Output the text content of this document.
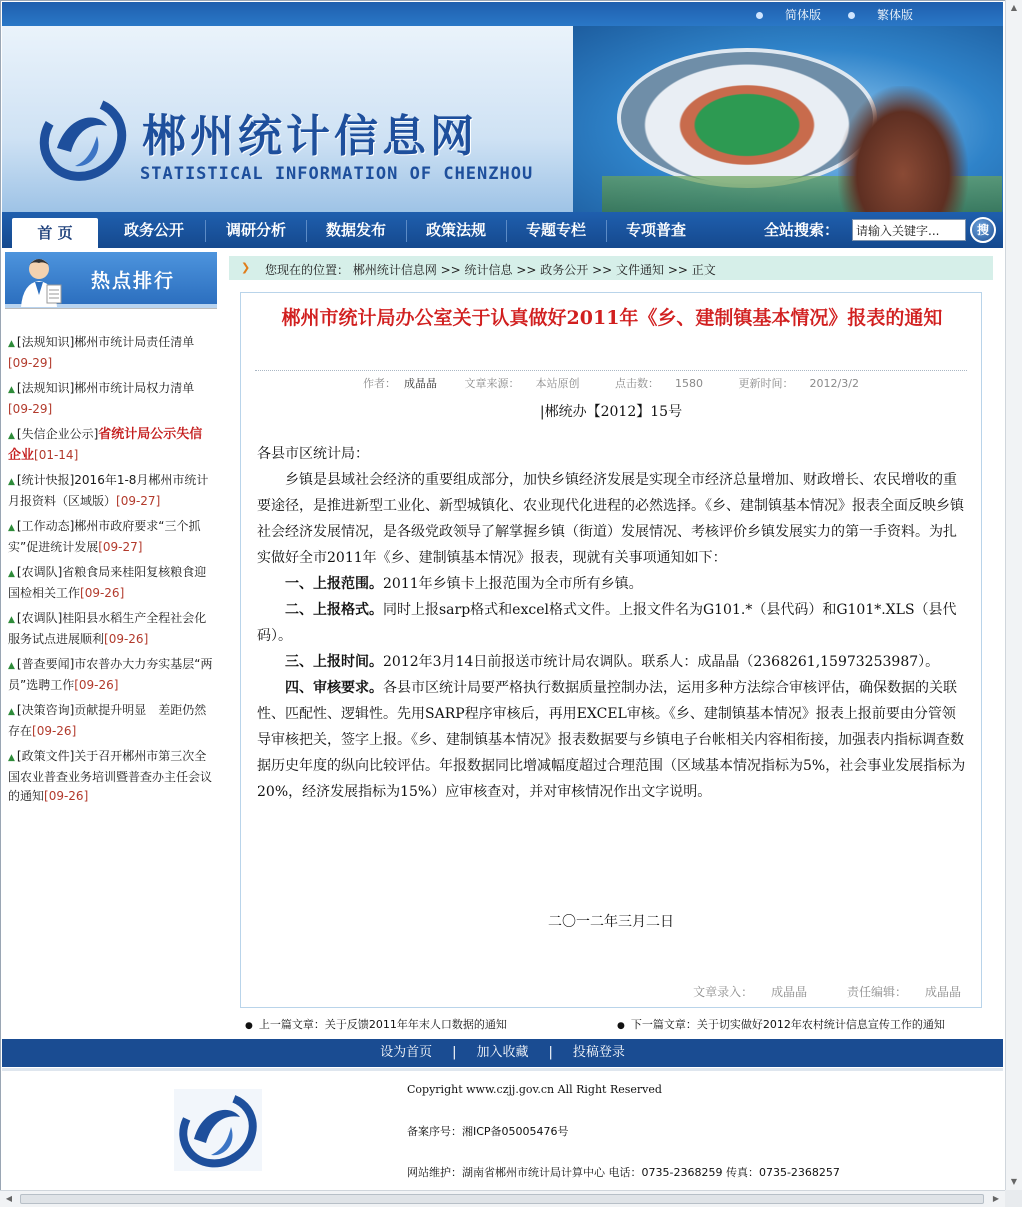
简体版	繁体版
郴州统计信息网
STATISTICAL INFORMATION OF CHENZHOU
首 页	政务公开	调研分析	数据发布	政策法规	专题专栏	专项普查	全站搜索：
请输入关键字...	搜
热点排行
▲ [法规知识]郴州市统计局责任清单
[09-29]
▲ [法规知识]郴州市统计局权力清单
[09-29]
▲ [失信企业公示]省统计局公示失信企业[01-14]
▲ [统计快报]2016年1-8月郴州市统计月报资料（区域版）[09-27]
▲ [工作动态]郴州市政府要求“三个抓实”促进统计发展[09-27]
▲ [农调队]省粮食局来桂阳复核粮食迎国检相关工作[09-26]
▲ [农调队]桂阳县水稻生产全程社会化服务试点进展顺利[09-26]
▲ [普查要闻]市农普办大力夯实基层“两员”选聘工作[09-26]
▲ [决策咨询]贡献提升明显　差距仍然存在[09-26]
▲ [政策文件]关于召开郴州市第三次全国农业普查业务培训暨普查办主任会议的通知[09-26]
❯ 您现在的位置： 郴州统计信息网 >> 统计信息 >> 政务公开 >> 文件通知 >> 正文
郴州市统计局办公室关于认真做好2011年《乡、建制镇基本情况》报表的通知
作者： 成晶晶	文章来源： 本站原创	点击数： 1580	更新时间： 2012/3/2
|郴统办【2012】15号

各县市区统计局：

乡镇是县域社会经济的重要组成部分，加快乡镇经济发展是实现全市经济总量增加、财政增长、农民增收的重要途径，是推进新型工业化、新型城镇化、农业现代化进程的必然选择。《乡、建制镇基本情况》报表全面反映乡镇社会经济发展情况，是各级党政领导了解掌握乡镇（街道）发展情况、考核评价乡镇发展实力的第一手资料。为扎实做好全市2011年《乡、建制镇基本情况》报表，现就有关事项通知如下：

一、上报范围。2011年乡镇卡上报范围为全市所有乡镇。

二、上报格式。同时上报sarp格式和excel格式文件。上报文件名为G101.*（县代码）和G101*.XLS（县代码）。

三、上报时间。2012年3月14日前报送市统计局农调队。联系人：成晶晶（2368261,15973253987）。

四、审核要求。各县市区统计局要严格执行数据质量控制办法，运用多种方法综合审核评估，确保数据的关联性、匹配性、逻辑性。先用SARP程序审核后，再用EXCEL审核。《乡、建制镇基本情况》报表上报前要由分管领导审核把关，签字上报。《乡、建制镇基本情况》报表数据要与乡镇电子台帐相关内容相衔接，加强表内指标调查数据历史年度的纵向比较评估。年报数据同比增减幅度超过合理范围（区域基本情况指标为5%，社会事业发展指标为20%，经济发展指标为15%）应审核查对，并对审核情况作出文字说明。

二〇一二年三月二日
文章录入： 成晶晶	责任编辑： 成晶晶
● 上一篇文章：关于反馈2011年年末人口数据的通知	● 下一篇文章：关于切实做好2012年农村统计信息宣传工作的通知
设为首页 | 加入收藏 | 投稿登录
Copyright www.czjj.gov.cn All Right Reserved
备案序号：湘ICP备05005476号
网站维护：湖南省郴州市统计局计算中心 电话：0735-2368259 传真：0735-2368257
▲
▼
◀	▶
